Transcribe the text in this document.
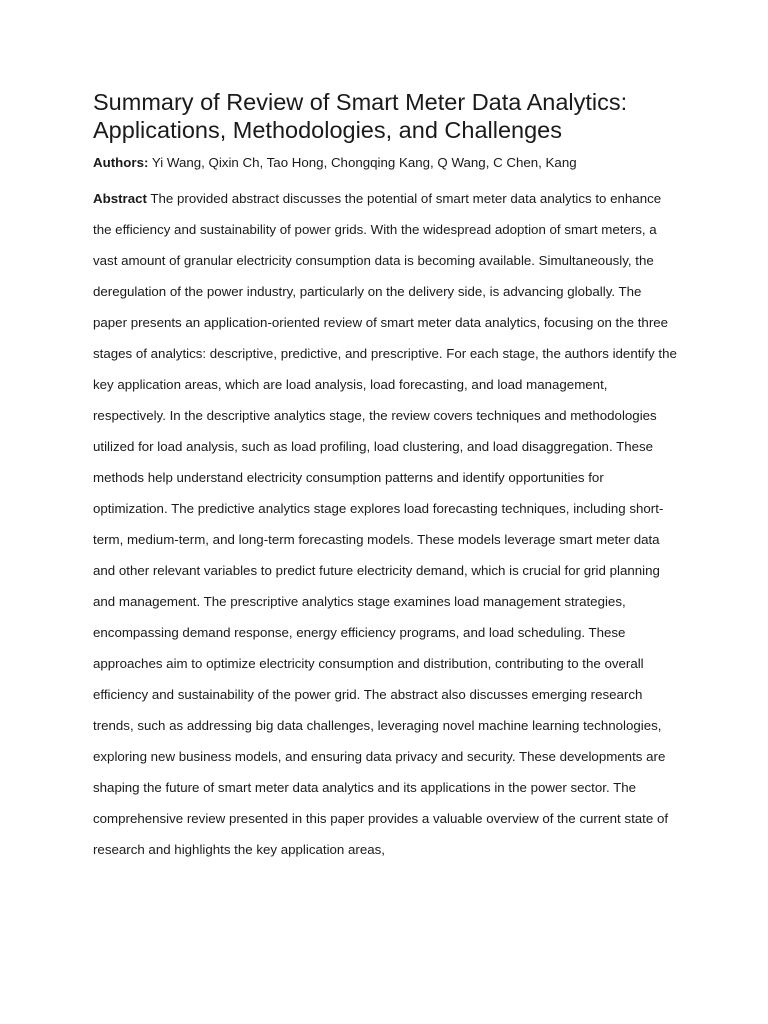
Summary of Review of Smart Meter Data Analytics: Applications, Methodologies, and Challenges

Authors: Yi Wang, Qixin Ch, Tao Hong, Chongqing Kang, Q Wang, C Chen, Kang

Abstract The provided abstract discusses the potential of smart meter data analytics to enhance the efficiency and sustainability of power grids. With the widespread adoption of smart meters, a vast amount of granular electricity consumption data is becoming available. Simultaneously, the deregulation of the power industry, particularly on the delivery side, is advancing globally. The paper presents an application-oriented review of smart meter data analytics, focusing on the three stages of analytics: descriptive, predictive, and prescriptive. For each stage, the authors identify the key application areas, which are load analysis, load forecasting, and load management, respectively. In the descriptive analytics stage, the review covers techniques and methodologies utilized for load analysis, such as load profiling, load clustering, and load disaggregation. These methods help understand electricity consumption patterns and identify opportunities for optimization. The predictive analytics stage explores load forecasting techniques, including short-term, medium-term, and long-term forecasting models. These models leverage smart meter data and other relevant variables to predict future electricity demand, which is crucial for grid planning and management. The prescriptive analytics stage examines load management strategies, encompassing demand response, energy efficiency programs, and load scheduling. These approaches aim to optimize electricity consumption and distribution, contributing to the overall efficiency and sustainability of the power grid. The abstract also discusses emerging research trends, such as addressing big data challenges, leveraging novel machine learning technologies, exploring new business models, and ensuring data privacy and security. These developments are shaping the future of smart meter data analytics and its applications in the power sector. The comprehensive review presented in this paper provides a valuable overview of the current state of research and highlights the key application areas,
